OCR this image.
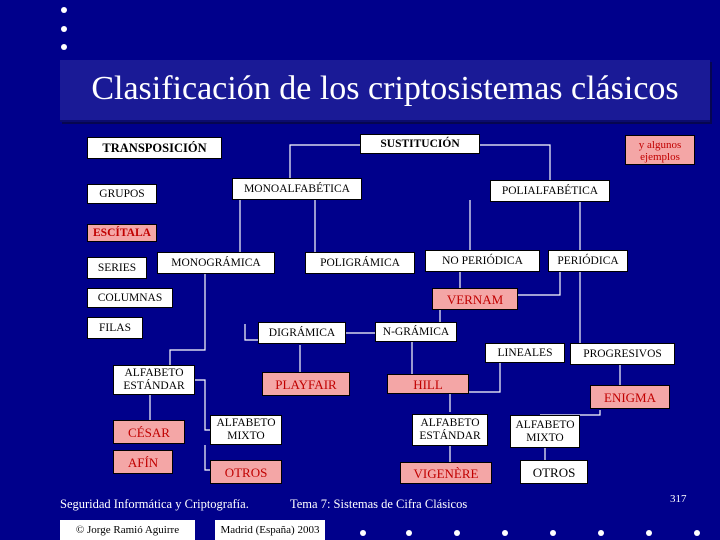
Clasificación de los criptosistemas clásicos
TRANSPOSICIÓN	SUSTITUCIÓN	y algunos ejemplos
GRUPOS	MONOALFABÉTICA	POLIALFABÉTICA
ESCÍTALA
SERIES	MONOGRÁMICA	POLIGRÁMICA	NO PERIÓDICA	PERIÓDICA
COLUMNAS	VERNAM
FILAS	DIGRÁMICA	N-GRÁMICA
LINEALES	PROGRESIVOS
ALFABETO ESTÁNDAR	PLAYFAIR	HILL
ENIGMA
CÉSAR
ALFABETO MIXTO
ALFABETO ESTÁNDAR
ALFABETO MIXTO
AFÍN
OTROS	VIGENÈRE	OTROS
Seguridad Informática y Criptografía.	Tema 7: Sistemas de Cifra Clásicos	317
© Jorge Ramió Aguirre	Madrid (España) 2003
